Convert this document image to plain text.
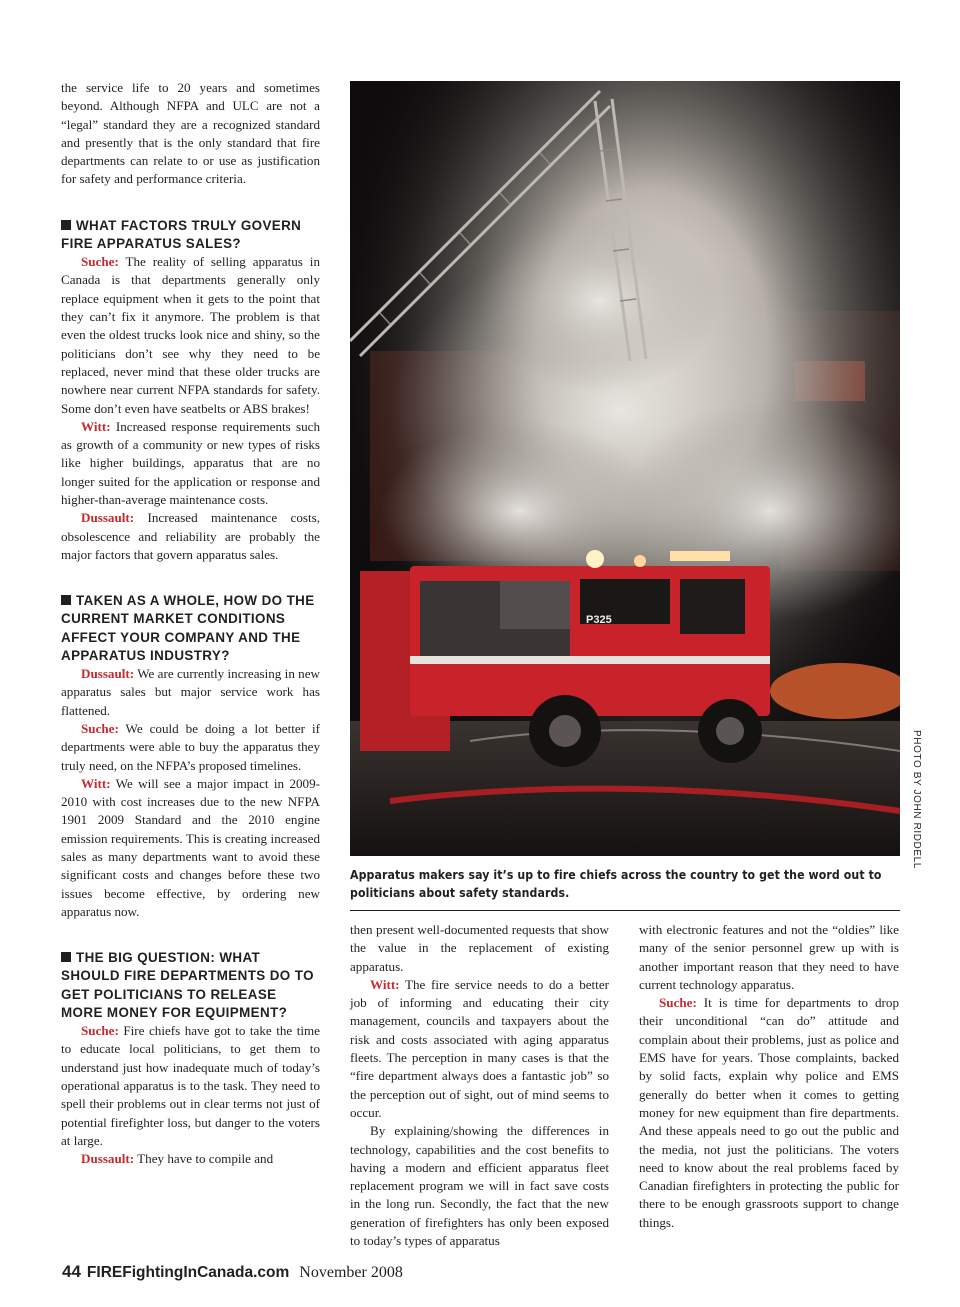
the service life to 20 years and sometimes beyond. Although NFPA and ULC are not a “legal” standard they are a recognized standard and presently that is the only standard that fire departments can relate to or use as justification for safety and performance criteria.

WHAT FACTORS TRULY GOVERN FIRE APPARATUS SALES?

Suche: The reality of selling apparatus in Canada is that departments generally only replace equipment when it gets to the point that they can’t fix it anymore. The problem is that even the oldest trucks look nice and shiny, so the politicians don’t see why they need to be replaced, never mind that these older trucks are nowhere near current NFPA standards for safety. Some don’t even have seatbelts or ABS brakes!

Witt: Increased response requirements such as growth of a community or new types of risks like higher buildings, apparatus that are no longer suited for the application or response and higher-than-average maintenance costs.

Dussault: Increased maintenance costs, obsolescence and reliability are probably the major factors that govern apparatus sales.

TAKEN AS A WHOLE, HOW DO THE CURRENT MARKET CONDITIONS AFFECT YOUR COMPANY AND THE APPARATUS INDUSTRY?

Dussault: We are currently increasing in new apparatus sales but major service work has flattened.

Suche: We could be doing a lot better if departments were able to buy the apparatus they truly need, on the NFPA’s proposed timelines.

Witt: We will see a major impact in 2009-2010 with cost increases due to the new NFPA 1901 2009 Standard and the 2010 engine emission requirements. This is creating increased sales as many departments want to avoid these significant costs and changes before these two issues become effective, by ordering new apparatus now.

THE BIG QUESTION: WHAT SHOULD FIRE DEPARTMENTS DO TO GET POLITICIANS TO RELEASE MORE MONEY FOR EQUIPMENT?

Suche: Fire chiefs have got to take the time to educate local politicians, to get them to understand just how inadequate much of today’s operational apparatus is to the task. They need to spell their problems out in clear terms not just of potential firefighter loss, but danger to the voters at large.

Dussault: They have to compile and

P325
PHOTO BY JOHN RIDDELL
Apparatus makers say it’s up to fire chiefs across the country to get the word out to politicians about safety standards.

then present well-documented requests that show the value in the replacement of existing apparatus.

Witt: The fire service needs to do a better job of informing and educating their city management, councils and taxpayers about the risk and costs associated with aging apparatus fleets. The perception in many cases is that the “fire department always does a fantastic job” so the perception out of sight, out of mind seems to occur.

By explaining/showing the differences in technology, capabilities and the cost benefits to having a modern and efficient apparatus fleet replacement program we will in fact save costs in the long run. Secondly, the fact that the new generation of firefighters has only been exposed to today’s types of apparatus

with electronic features and not the “oldies” like many of the senior personnel grew up with is another important reason that they need to have current technology apparatus.

Suche: It is time for departments to drop their unconditional “can do” attitude and complain about their problems, just as police and EMS have for years. Those complaints, backed by solid facts, explain why police and EMS generally do better when it comes to getting money for new equipment than fire departments. And these appeals need to go out the public and the media, not just the politicians. The voters need to know about the real problems faced by Canadian firefighters in protecting the public for there to be enough grassroots support to change things.

44 FIREFightingInCanada.com November 2008
